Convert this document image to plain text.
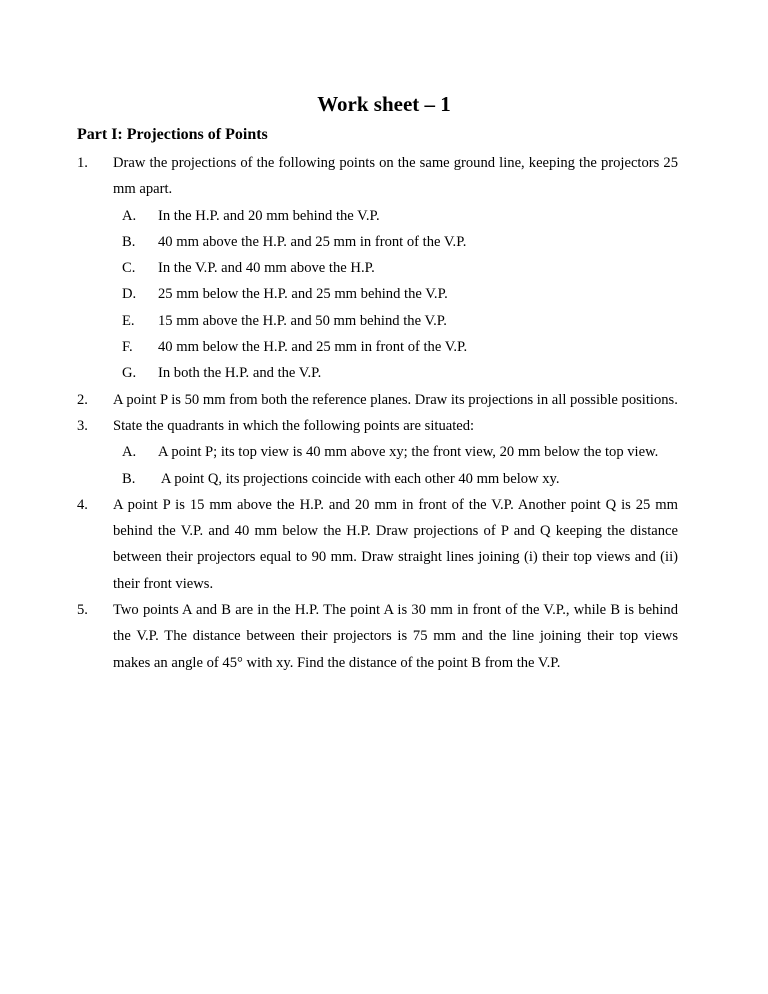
Work sheet – 1
Part I: Projections of Points
1. Draw the projections of the following points on the same ground line, keeping the projectors 25 mm apart.
A. In the H.P. and 20 mm behind the V.P.
B. 40 mm above the H.P. and 25 mm in front of the V.P.
C. In the V.P. and 40 mm above the H.P.
D. 25 mm below the H.P. and 25 mm behind the V.P.
E. 15 mm above the H.P. and 50 mm behind the V.P.
F. 40 mm below the H.P. and 25 mm in front of the V.P.
G. In both the H.P. and the V.P.
2. A point P is 50 mm from both the reference planes. Draw its projections in all possible positions.
3. State the quadrants in which the following points are situated:
A. A point P; its top view is 40 mm above xy; the front view, 20 mm below the top view.
B. A point Q, its projections coincide with each other 40 mm below xy.
4. A point P is 15 mm above the H.P. and 20 mm in front of the V.P. Another point Q is 25 mm behind the V.P. and 40 mm below the H.P. Draw projections of P and Q keeping the distance between their projectors equal to 90 mm. Draw straight lines joining (i) their top views and (ii) their front views.
5. Two points A and B are in the H.P. The point A is 30 mm in front of the V.P., while B is behind the V.P. The distance between their projectors is 75 mm and the line joining their top views makes an angle of 45° with xy. Find the distance of the point B from the V.P.
